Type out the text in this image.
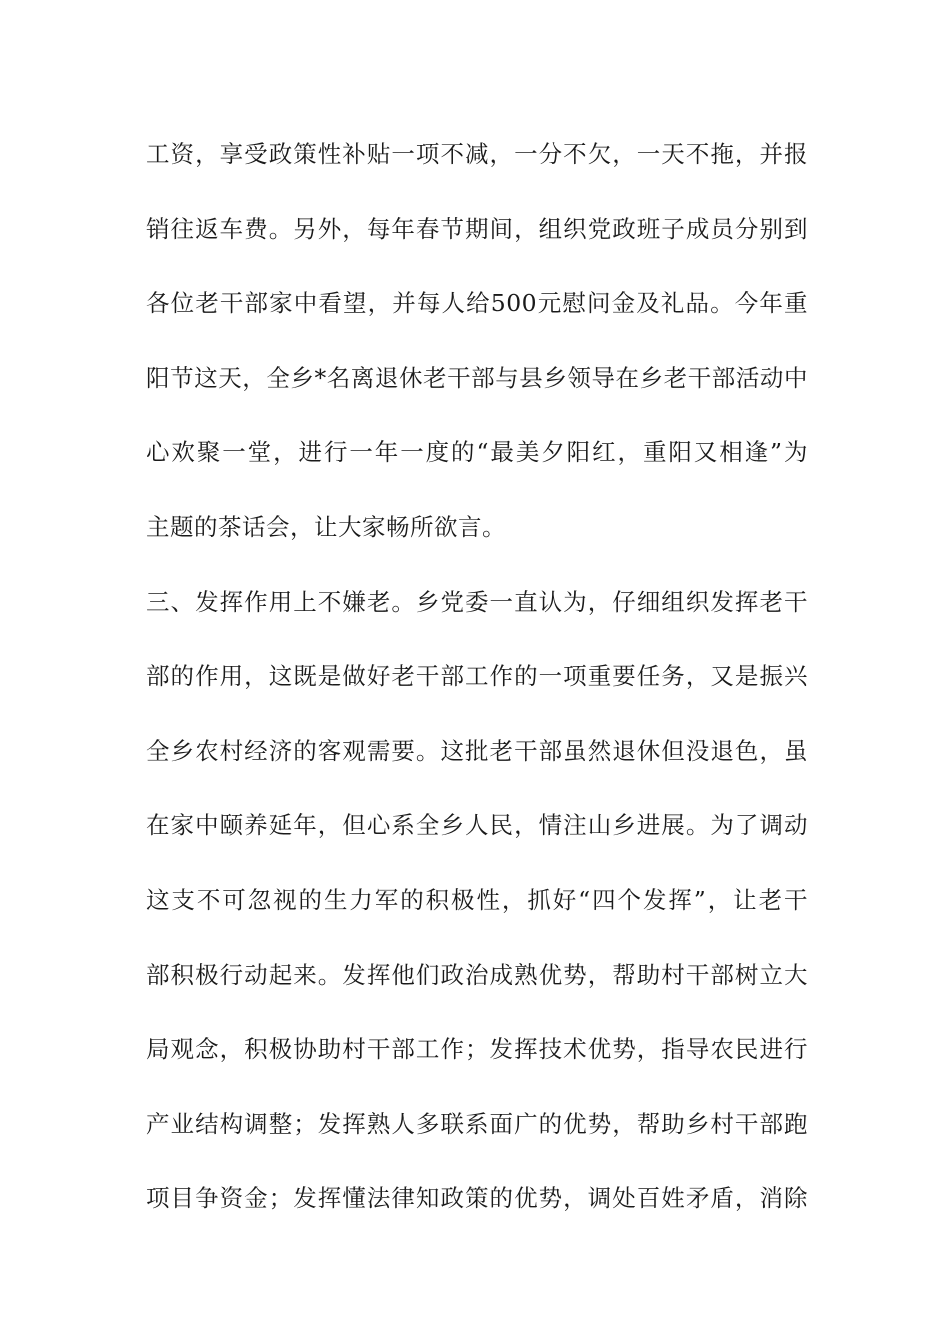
工资，享受政策性补贴一项不减，一分不欠，一天不拖，并报
销往返车费。另外，每年春节期间，组织党政班子成员分别到
各位老干部家中看望，并每人给500元慰问金及礼品。今年重
阳节这天，全乡*名离退休老干部与县乡领导在乡老干部活动中
心欢聚一堂，进行一年一度的“最美夕阳红，重阳又相逢”为
主题的茶话会，让大家畅所欲言。
三、发挥作用上不嫌老。乡党委一直认为，仔细组织发挥老干
部的作用，这既是做好老干部工作的一项重要任务，又是振兴
全乡农村经济的客观需要。这批老干部虽然退休但没退色，虽
在家中颐养延年，但心系全乡人民，情注山乡进展。为了调动
这支不可忽视的生力军的积极性，抓好“四个发挥”，让老干
部积极行动起来。发挥他们政治成熟优势，帮助村干部树立大
局观念，积极协助村干部工作；发挥技术优势，指导农民进行
产业结构调整；发挥熟人多联系面广的优势，帮助乡村干部跑
项目争资金；发挥懂法律知政策的优势，调处百姓矛盾，消除
